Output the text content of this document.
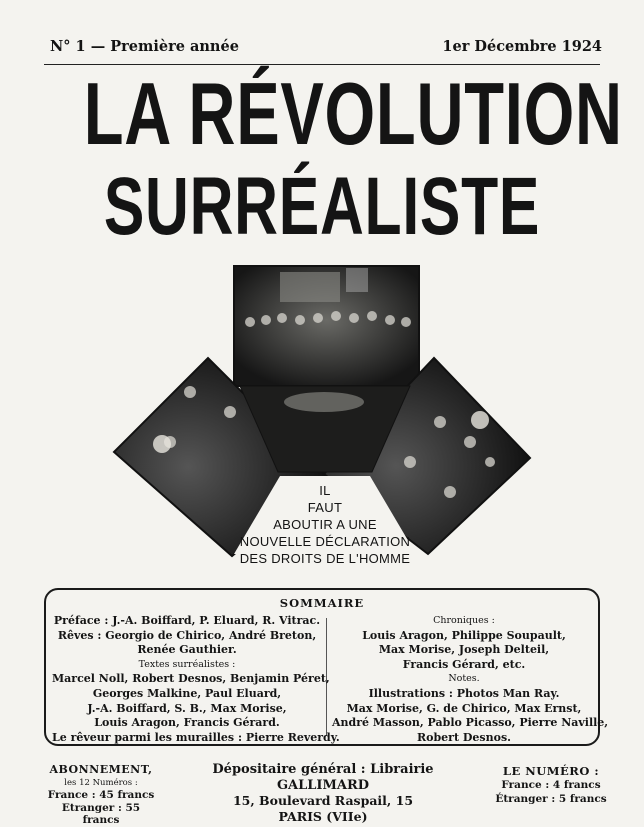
N° 1 — Première année	1er Décembre 1924
LA RÉVOLUTION
SURRÉALISTE
IL
FAUT
ABOUTIR A UNE
NOUVELLE DÉCLARATION
DES DROITS DE L'HOMME
SOMMAIRE
Préface : J.-A. Boiffard, P. Eluard, R. Vitrac.
Rêves : Georgio de Chirico, André Breton,
Renée Gauthier.
Textes surréalistes :
Marcel Noll, Robert Desnos, Benjamin Péret,
Georges Malkine, Paul Eluard,
J.-A. Boiffard, S. B., Max Morise,
Louis Aragon, Francis Gérard.
Le rêveur parmi les murailles : Pierre Reverdy.
Chroniques :
Louis Aragon, Philippe Soupault,
Max Morise, Joseph Delteil,
Francis Gérard, etc.
Notes.
Illustrations : Photos Man Ray.
Max Morise, G. de Chirico, Max Ernst,
André Masson, Pablo Picasso, Pierre Naville,
Robert Desnos.
ABONNEMENT,
les 12 Numéros :
France : 45 francs
Etranger : 55 francs
Dépositaire général : Librairie GALLIMARD
15, Boulevard Raspail, 15
PARIS (VIIe)
LE NUMÉRO :
France : 4 francs
Étranger : 5 francs
